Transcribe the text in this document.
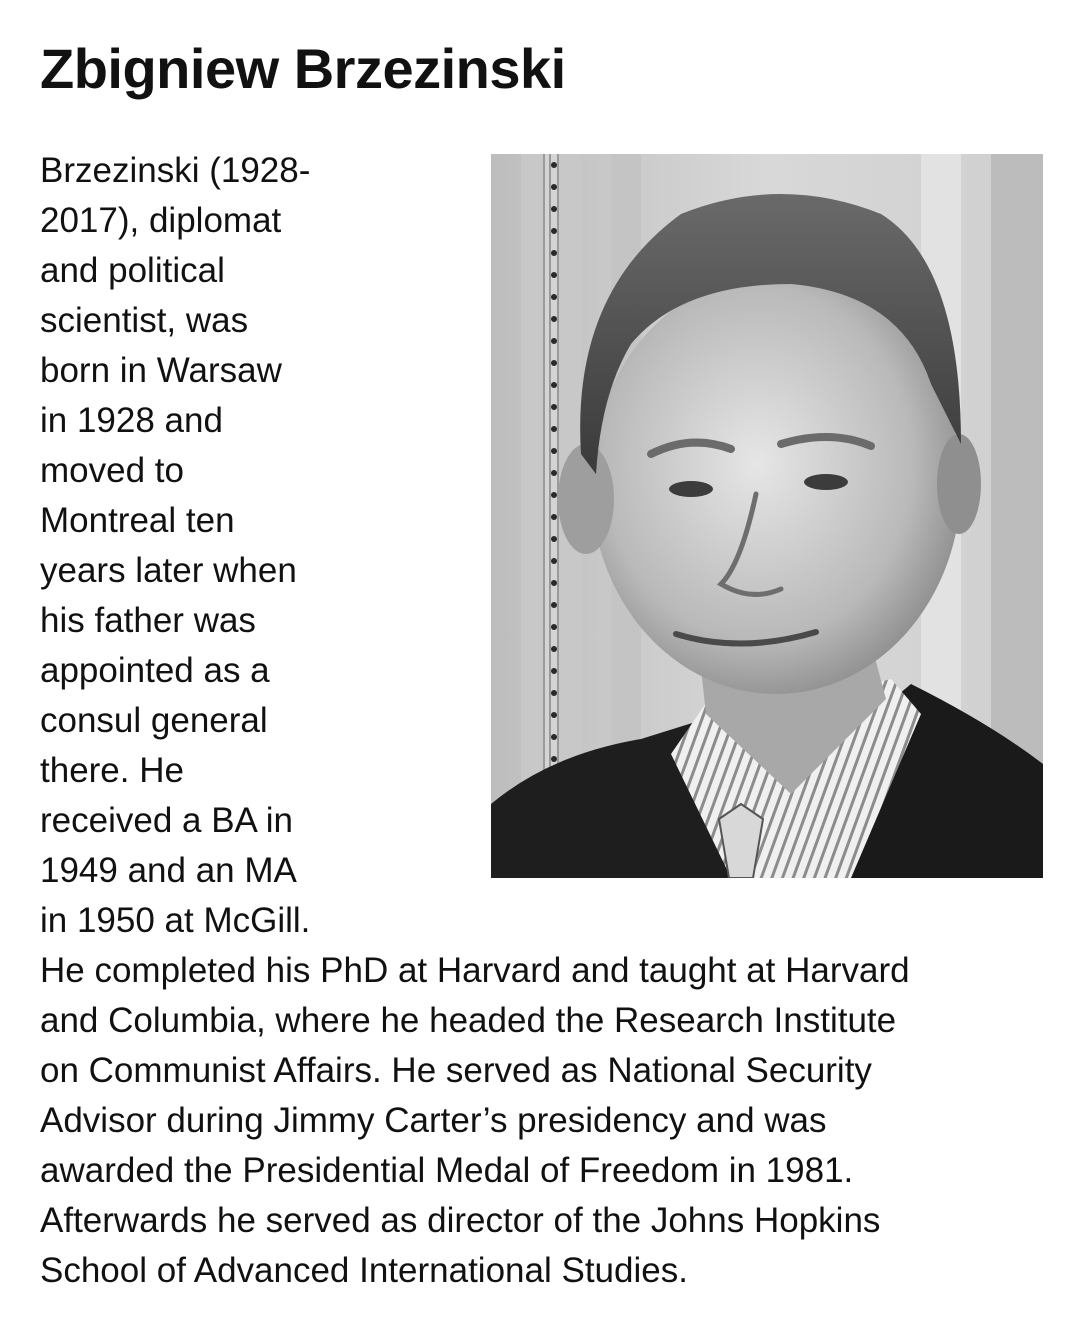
Zbigniew Brzezinski
Brzezinski (1928-
2017), diplomat
and political
scientist, was
born in Warsaw
in 1928 and
moved to
Montreal ten
years later when
his father was
appointed as a
consul general
there. He
received a BA in
1949 and an MA
in 1950 at McGill.
He completed his PhD at Harvard and taught at Harvard
and Columbia, where he headed the Research Institute
on Communist Affairs. He served as National Security
Advisor during Jimmy Carter’s presidency and was
awarded the Presidential Medal of Freedom in 1981.
Afterwards he served as director of the Johns Hopkins
School of Advanced International Studies.
